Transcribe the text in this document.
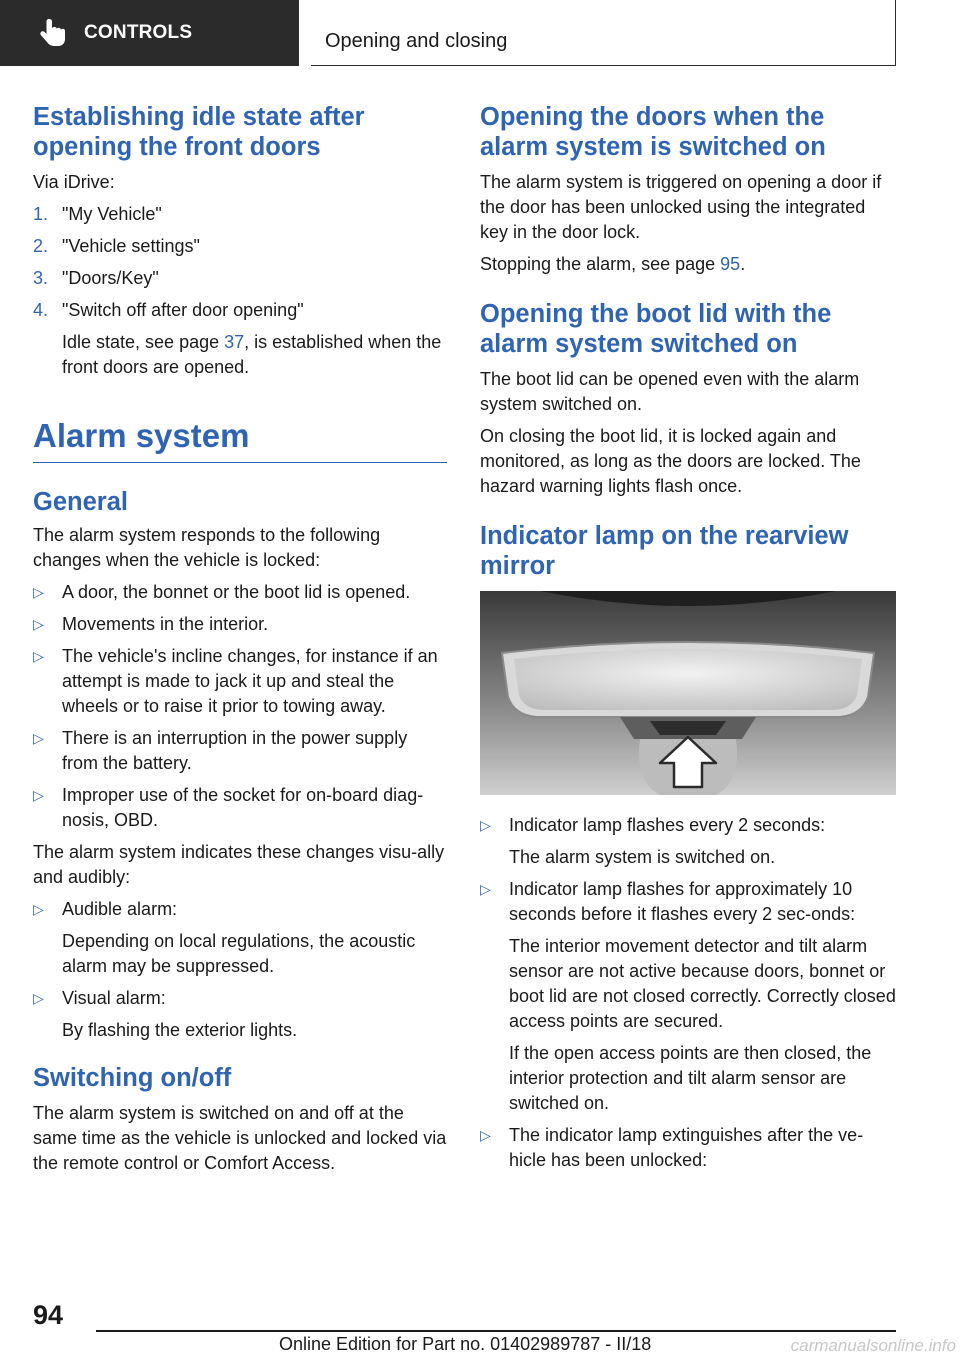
CONTROLS	Opening and closing
Establishing idle state after opening the front doors

Via iDrive:

1. "My Vehicle"
2. "Vehicle settings"
3. "Doors/Key"
4. "Switch off after door opening"

Idle state, see page 37, is established when the front doors are opened.

Alarm system
General

The alarm system responds to the following changes when the vehicle is locked:

▷	A door, the bonnet or the boot lid is opened.
▷	Movements in the interior.
▷	The vehicle's incline changes, for instance if an attempt is made to jack it up and steal the wheels or to raise it prior to towing away.
▷	There is an interruption in the power supply from the battery.
▷	Improper use of the socket for on-board diag-nosis, OBD.

The alarm system indicates these changes visu-ally and audibly:

▷	Audible alarm:
Depending on local regulations, the acoustic alarm may be suppressed.
▷	Visual alarm:
By flashing the exterior lights.
Switching on/off

The alarm system is switched on and off at the same time as the vehicle is unlocked and locked via the remote control or Comfort Access.

Opening the doors when the alarm system is switched on

The alarm system is triggered on opening a door if the door has been unlocked using the integrated key in the door lock.

Stopping the alarm, see page 95.

Opening the boot lid with the alarm system switched on

The boot lid can be opened even with the alarm system switched on.

On closing the boot lid, it is locked again and monitored, as long as the doors are locked. The hazard warning lights flash once.

Indicator lamp on the rearview mirror
▷	Indicator lamp flashes every 2 seconds:
The alarm system is switched on.
▷	Indicator lamp flashes for approximately 10 seconds before it flashes every 2 sec-onds:
The interior movement detector and tilt alarm sensor are not active because doors, bonnet or boot lid are not closed correctly. Correctly closed access points are secured.
If the open access points are then closed, the interior protection and tilt alarm sensor are switched on.
▷	The indicator lamp extinguishes after the ve-hicle has been unlocked:
94
Online Edition for Part no. 01402989787 - II/18	carmanualsonline.info
